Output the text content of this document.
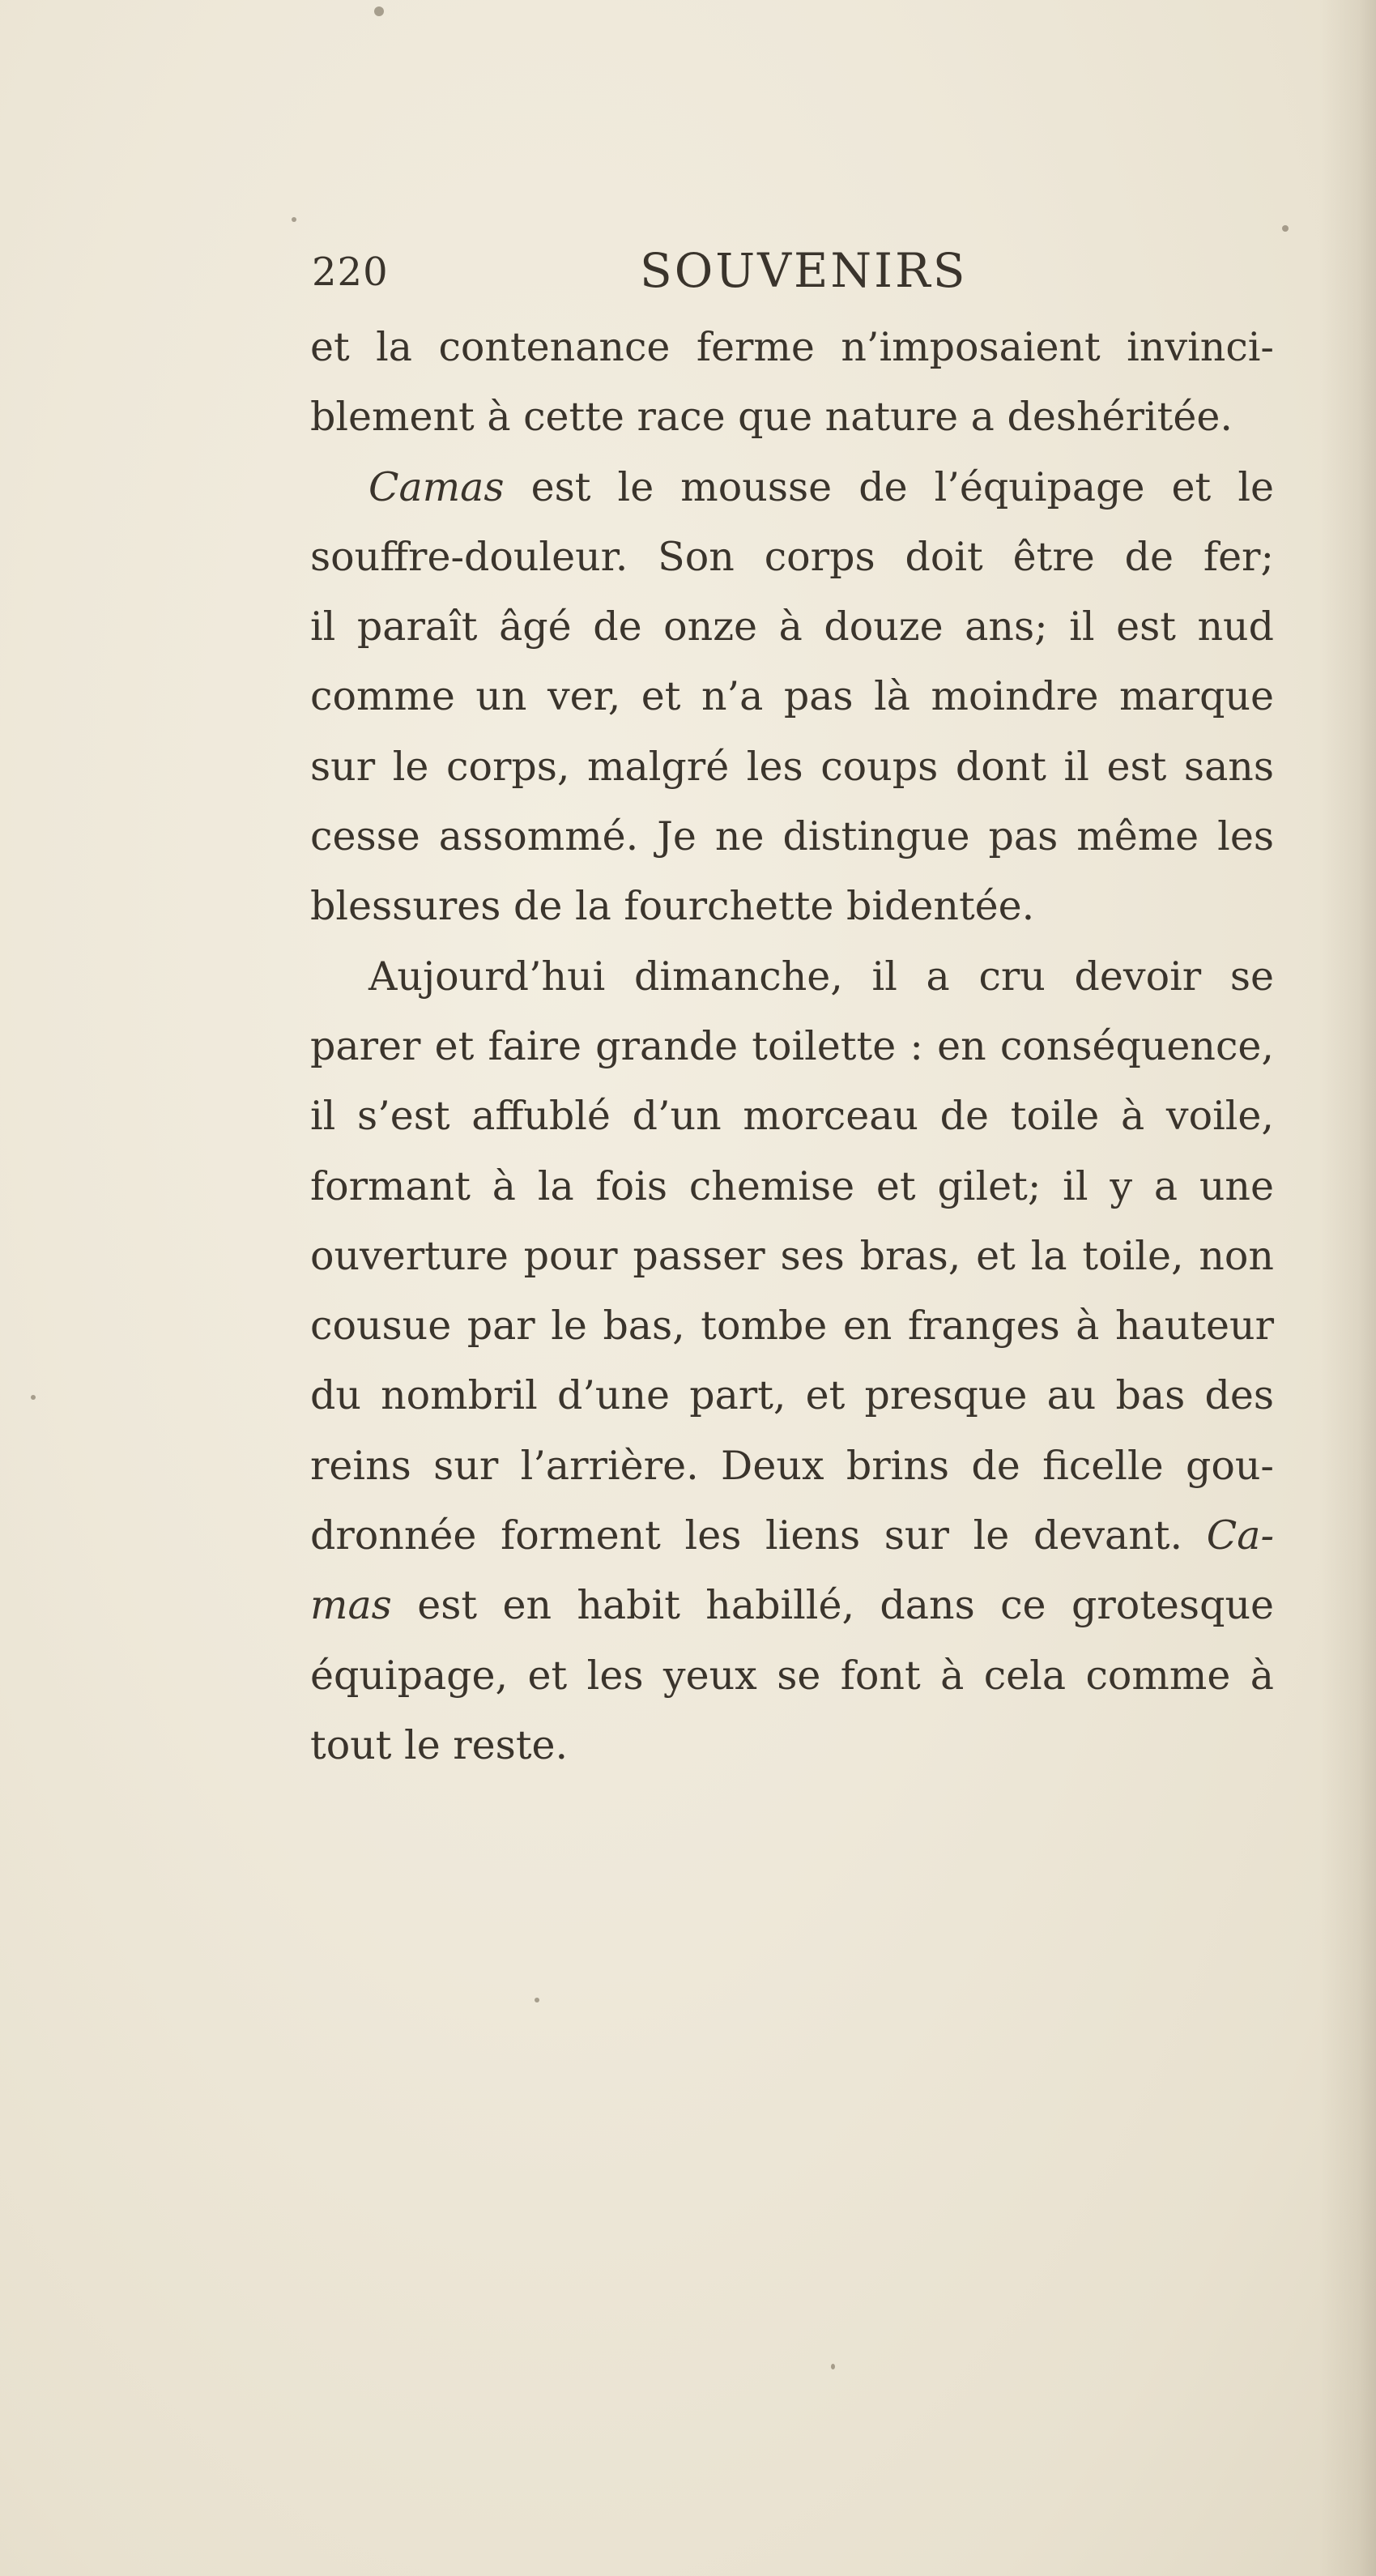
220	SOUVENIRS
et la contenance ferme n’imposaient invinci-
blement à cette race que nature a deshéritée.
Camas est le mousse de l’équipage et le
souffre-douleur. Son corps doit être de fer;
il paraît âgé de onze à douze ans; il est nud
comme un ver, et n’a pas là moindre marque
sur le corps, malgré les coups dont il est sans
cesse assommé. Je ne distingue pas même les
blessures de la fourchette bidentée.
Aujourd’hui dimanche, il a cru devoir se
parer et faire grande toilette : en conséquence,
il s’est affublé d’un morceau de toile à voile,
formant à la fois chemise et gilet; il y a une
ouverture pour passer ses bras, et la toile, non
cousue par le bas, tombe en franges à hauteur
du nombril d’une part, et presque au bas des
reins sur l’arrière. Deux brins de ficelle gou-
dronnée forment les liens sur le devant. Ca-
mas est en habit habillé, dans ce grotesque
équipage, et les yeux se font à cela comme à
tout le reste.
